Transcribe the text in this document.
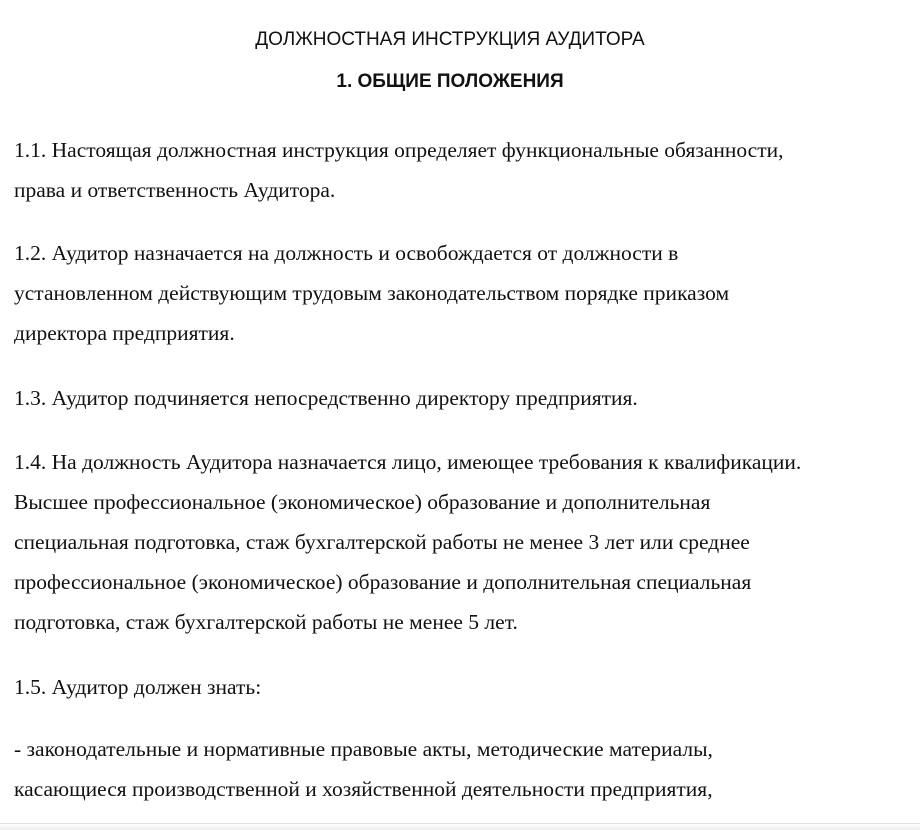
ДОЛЖНОСТНАЯ ИНСТРУКЦИЯ АУДИТОРА
1. ОБЩИЕ ПОЛОЖЕНИЯ
1.1. Настоящая должностная инструкция определяет функциональные обязанности,
права и ответственность Аудитора.
1.2. Аудитор назначается на должность и освобождается от должности в
установленном действующим трудовым законодательством порядке приказом
директора предприятия.
1.3. Аудитор подчиняется непосредственно директору предприятия.
1.4. На должность Аудитора назначается лицо, имеющее требования к квалификации.
Высшее профессиональное (экономическое) образование и дополнительная
специальная подготовка, стаж бухгалтерской работы не менее 3 лет или среднее
профессиональное (экономическое) образование и дополнительная специальная
подготовка, стаж бухгалтерской работы не менее 5 лет.
1.5. Аудитор должен знать:
- законодательные и нормативные правовые акты, методические материалы,
касающиеся производственной и хозяйственной деятельности предприятия,
